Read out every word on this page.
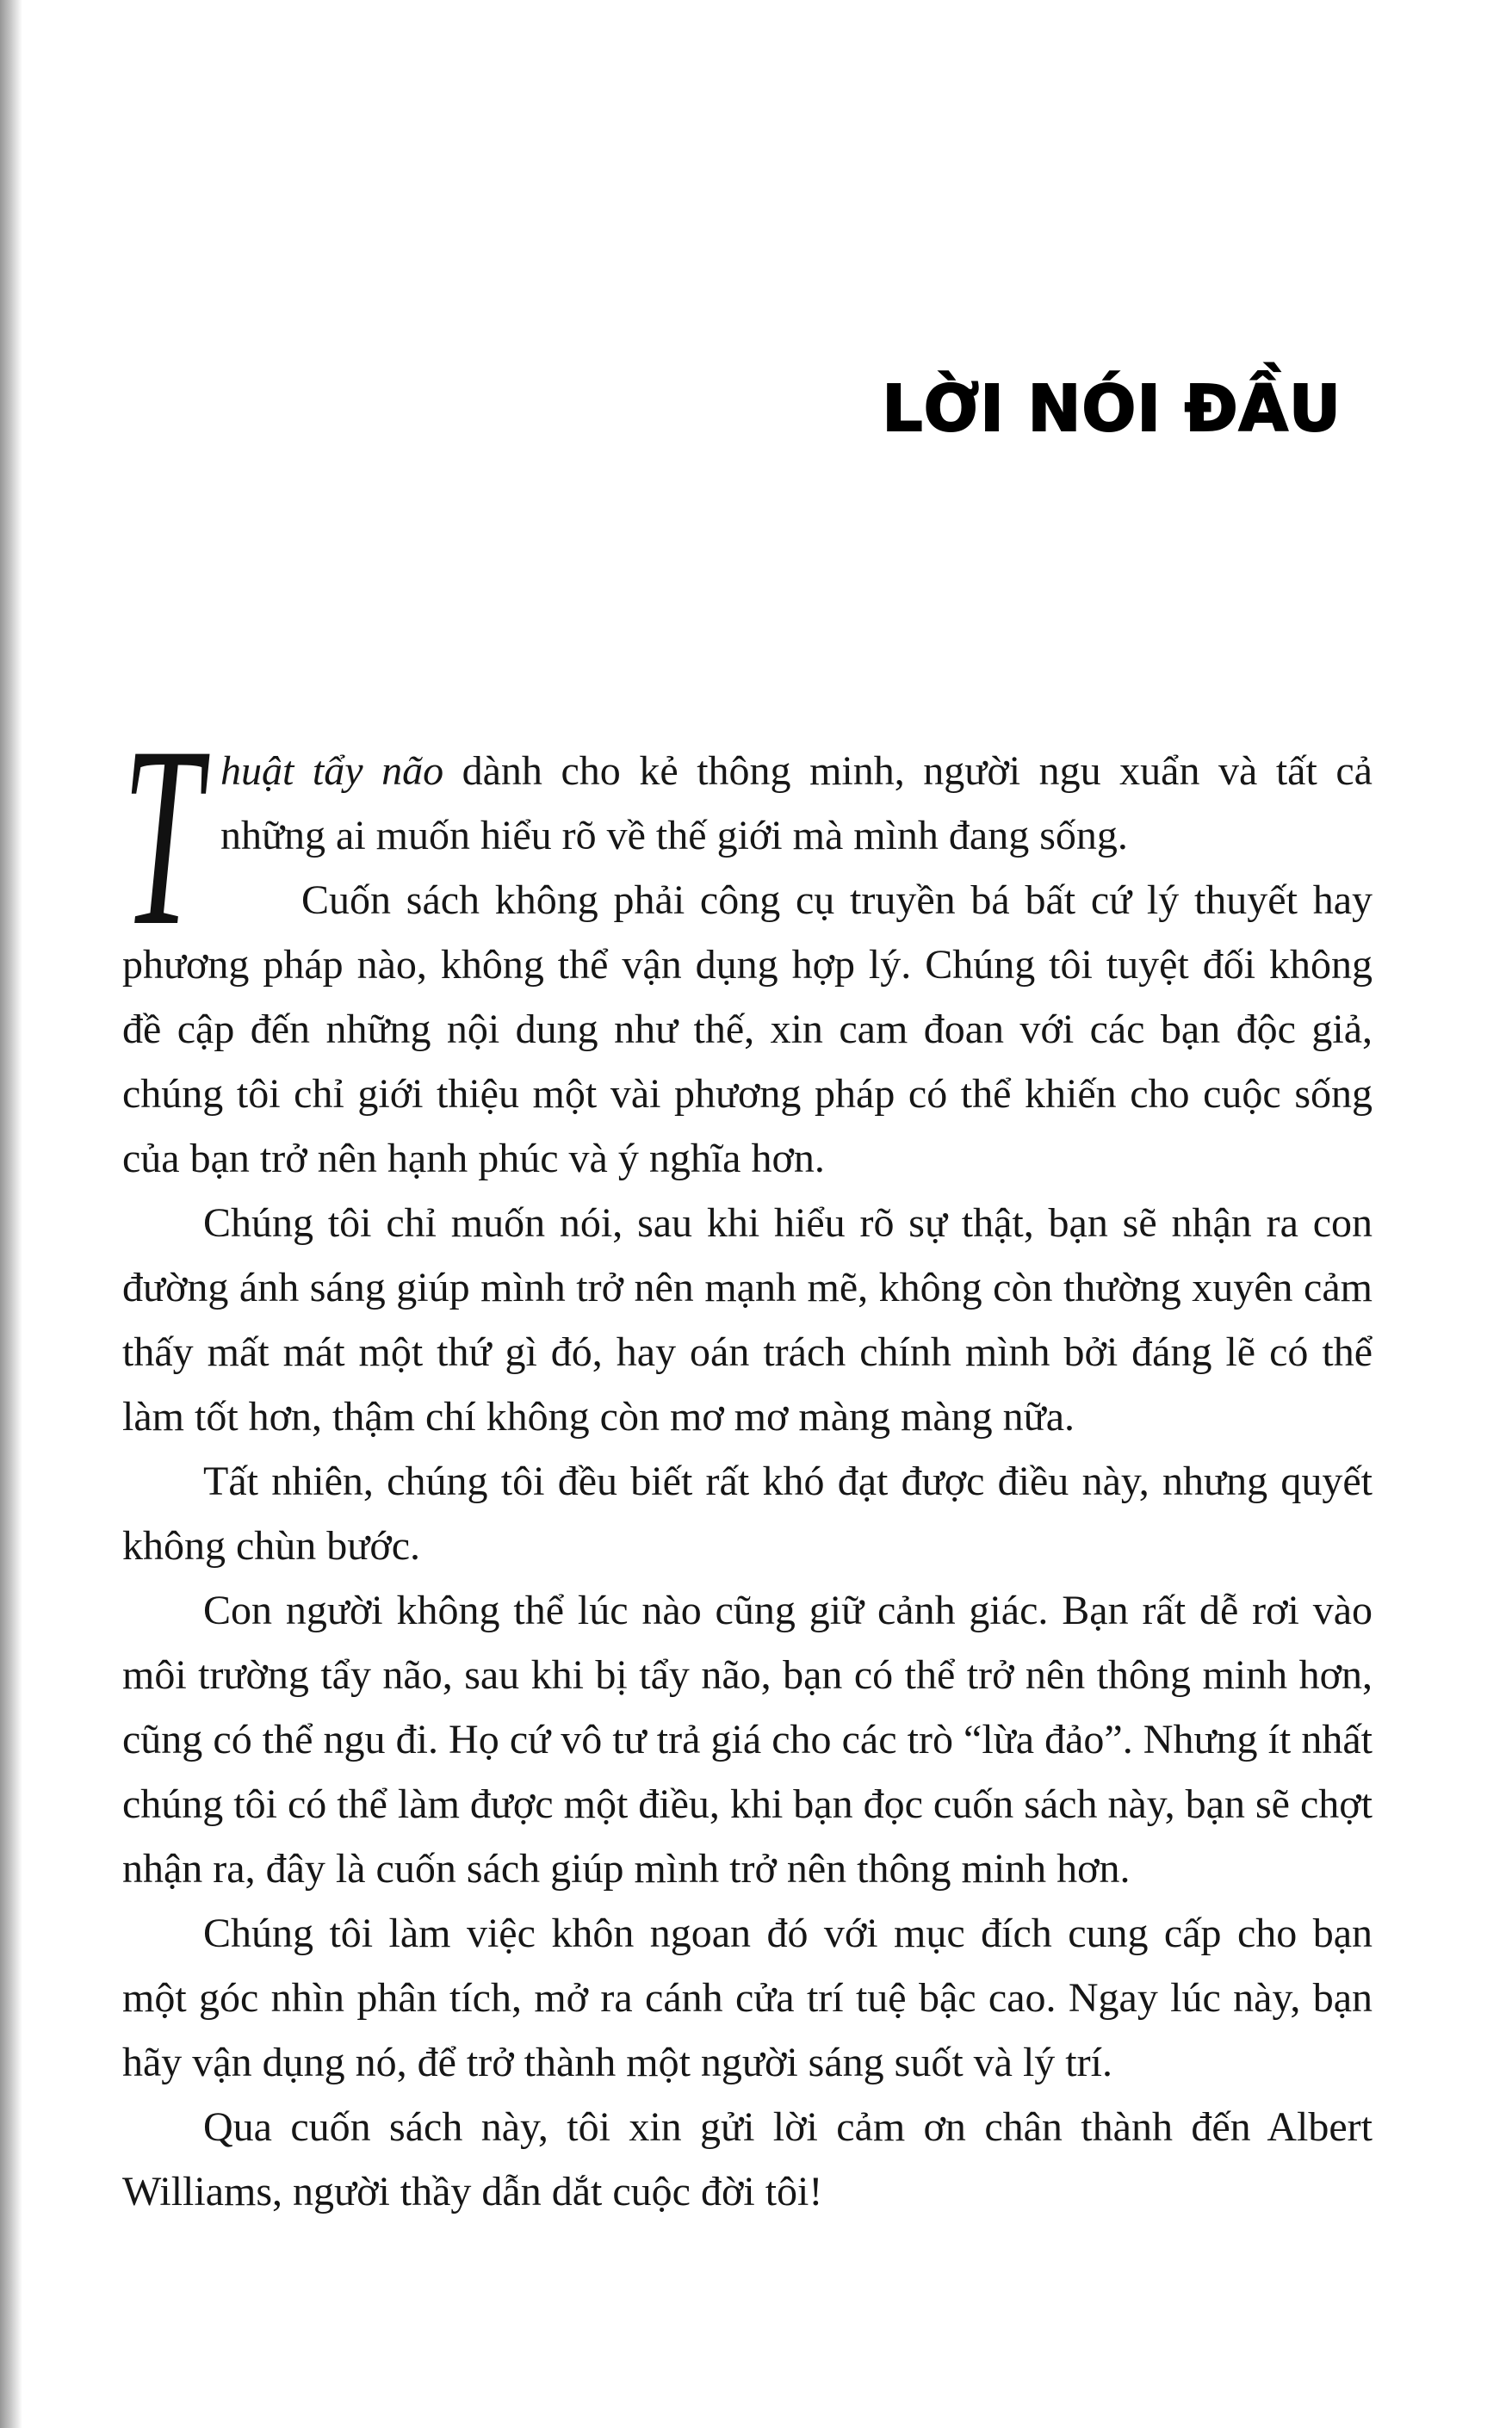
LỜI NÓI ĐẦU

T huật tẩy não dành cho kẻ thông minh, người ngu xuẩn và tất cả những ai muốn hiểu rõ về thế giới mà mình đang sống.

Cuốn sách không phải công cụ truyền bá bất cứ lý thuyết hay phương pháp nào, không thể vận dụng hợp lý. Chúng tôi tuyệt đối không đề cập đến những nội dung như thế, xin cam đoan với các bạn độc giả, chúng tôi chỉ giới thiệu một vài phương pháp có thể khiến cho cuộc sống của bạn trở nên hạnh phúc và ý nghĩa hơn.

Chúng tôi chỉ muốn nói, sau khi hiểu rõ sự thật, bạn sẽ nhận ra con đường ánh sáng giúp mình trở nên mạnh mẽ, không còn thường xuyên cảm thấy mất mát một thứ gì đó, hay oán trách chính mình bởi đáng lẽ có thể làm tốt hơn, thậm chí không còn mơ mơ màng màng nữa.

Tất nhiên, chúng tôi đều biết rất khó đạt được điều này, nhưng quyết không chùn bước.

Con người không thể lúc nào cũng giữ cảnh giác. Bạn rất dễ rơi vào môi trường tẩy não, sau khi bị tẩy não, bạn có thể trở nên thông minh hơn, cũng có thể ngu đi. Họ cứ vô tư trả giá cho các trò “lừa đảo”. Nhưng ít nhất chúng tôi có thể làm được một điều, khi bạn đọc cuốn sách này, bạn sẽ chợt nhận ra, đây là cuốn sách giúp mình trở nên thông minh hơn.

Chúng tôi làm việc khôn ngoan đó với mục đích cung cấp cho bạn một góc nhìn phân tích, mở ra cánh cửa trí tuệ bậc cao. Ngay lúc này, bạn hãy vận dụng nó, để trở thành một người sáng suốt và lý trí.

Qua cuốn sách này, tôi xin gửi lời cảm ơn chân thành đến Albert Williams, người thầy dẫn dắt cuộc đời tôi!
